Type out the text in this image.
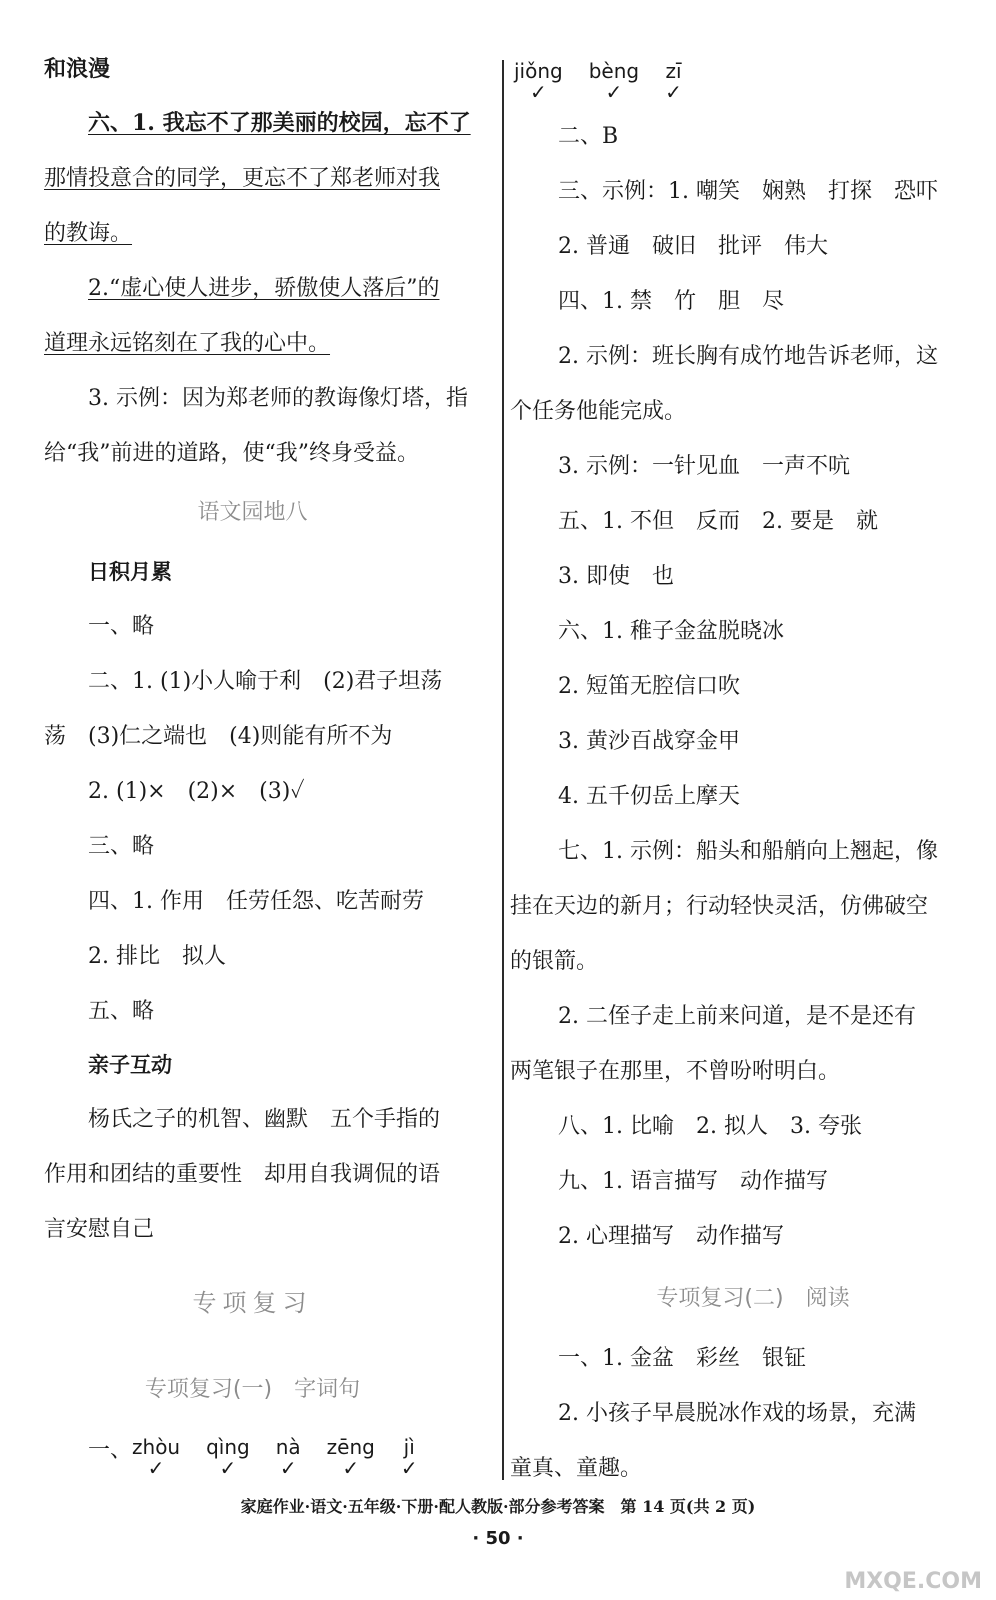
和浪漫
六、1. 我忘不了那美丽的校园，忘不了
那情投意合的同学，更忘不了郑老师对我
的教诲。
2.“虚心使人进步，骄傲使人落后”的
道理永远铭刻在了我的心中。
3. 示例：因为郑老师的教诲像灯塔，指
给“我”前进的道路，使“我”终身受益。
语文园地八
日积月累
一、略
二、1. (1)小人喻于利　(2)君子坦荡
荡　(3)仁之端也　(4)则能有所不为
2. (1)×　(2)×　(3)✓
三、略
四、1. 作用　任劳任怨、吃苦耐劳
2. 排比　拟人
五、略
亲子互动
杨氏之子的机智、幽默　五个手指的
作用和团结的重要性　却用自我调侃的语
言安慰自己
专项复习
专项复习(一)　字词句
一、zhòu
✓
qìng
✓
nà
✓
zēng
✓
jì
✓
jiǒng
✓
bèng
✓
zī
✓
二、B
三、示例：1. 嘲笑　娴熟　打探　恐吓
2. 普通　破旧　批评　伟大
四、1. 禁　竹　胆　尽
2. 示例：班长胸有成竹地告诉老师，这
个任务他能完成。
3. 示例：一针见血　一声不吭
五、1. 不但　反而　2. 要是　就
3. 即使　也
六、1. 稚子金盆脱晓冰
2. 短笛无腔信口吹
3. 黄沙百战穿金甲
4. 五千仞岳上摩天
七、1. 示例：船头和船艄向上翘起，像
挂在天边的新月；行动轻快灵活，仿佛破空
的银箭。
2. 二侄子走上前来问道，是不是还有
两笔银子在那里，不曾吩咐明白。
八、1. 比喻　2. 拟人　3. 夸张
九、1. 语言描写　动作描写
2. 心理描写　动作描写
专项复习(二)　阅读
一、1. 金盆　彩丝　银钲
2. 小孩子早晨脱冰作戏的场景，充满
童真、童趣。
家庭作业·语文·五年级·下册·配人教版·部分参考答案　第 14 页(共 2 页)
· 50 ·
MXQE.COM
